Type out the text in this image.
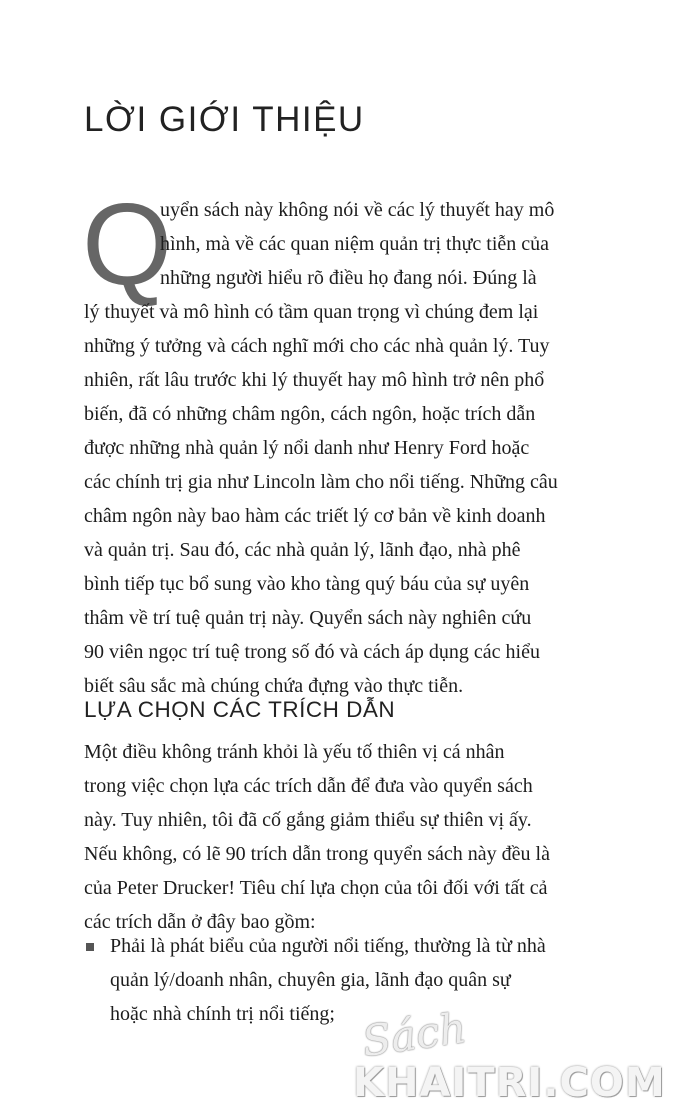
LỜI GIỚI THIỆU
Q
uyển sách này không nói về các lý thuyết hay mô
hình, mà về các quan niệm quản trị thực tiễn của
những người hiểu rõ điều họ đang nói. Đúng là
lý thuyết và mô hình có tầm quan trọng vì chúng đem lại
những ý tưởng và cách nghĩ mới cho các nhà quản lý. Tuy
nhiên, rất lâu trước khi lý thuyết hay mô hình trở nên phổ
biến, đã có những châm ngôn, cách ngôn, hoặc trích dẫn
được những nhà quản lý nổi danh như Henry Ford hoặc
các chính trị gia như Lincoln làm cho nổi tiếng. Những câu
châm ngôn này bao hàm các triết lý cơ bản về kinh doanh
và quản trị. Sau đó, các nhà quản lý, lãnh đạo, nhà phê
bình tiếp tục bổ sung vào kho tàng quý báu của sự uyên
thâm về trí tuệ quản trị này. Quyển sách này nghiên cứu
90 viên ngọc trí tuệ trong số đó và cách áp dụng các hiểu
biết sâu sắc mà chúng chứa đựng vào thực tiễn.
LỰA CHỌN CÁC TRÍCH DẪN
Một điều không tránh khỏi là yếu tố thiên vị cá nhân
trong việc chọn lựa các trích dẫn để đưa vào quyển sách
này. Tuy nhiên, tôi đã cố gắng giảm thiểu sự thiên vị ấy.
Nếu không, có lẽ 90 trích dẫn trong quyển sách này đều là
của Peter Drucker! Tiêu chí lựa chọn của tôi đối với tất cả
các trích dẫn ở đây bao gồm:
Phải là phát biểu của người nổi tiếng, thường là từ nhà
quản lý/doanh nhân, chuyên gia, lãnh đạo quân sự
hoặc nhà chính trị nổi tiếng; Sách
KHAITRI.COM
